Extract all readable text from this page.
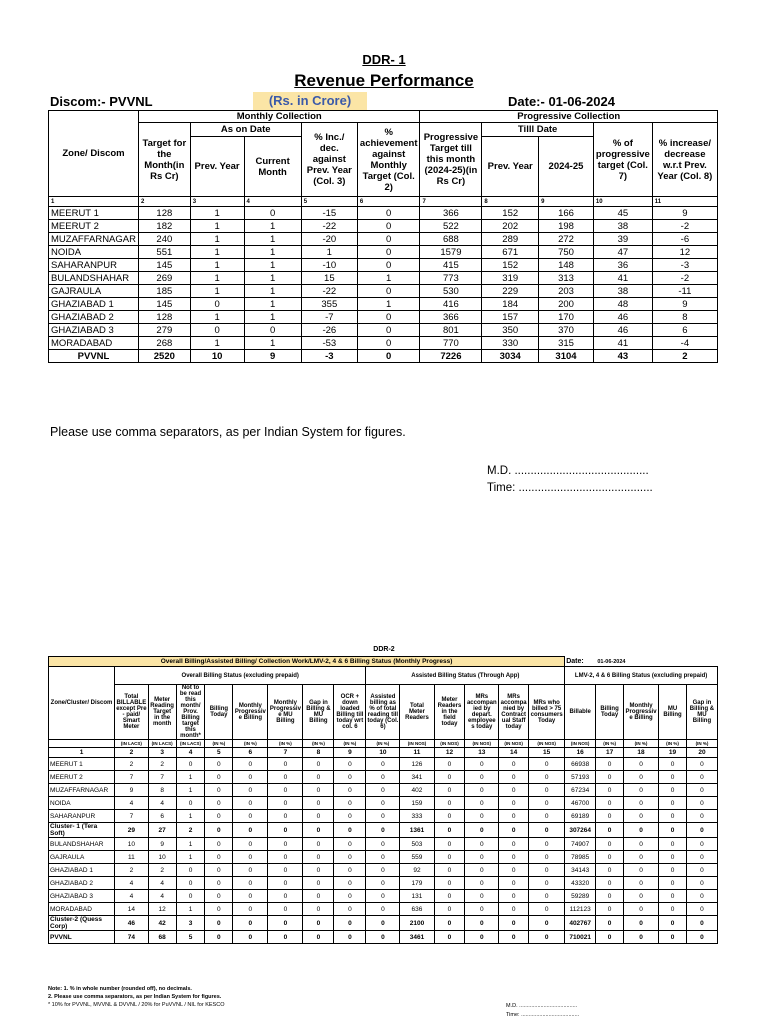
DDR- 1
Revenue Performance
Discom:- PVVNL	(Rs. in Crore)	Date:- 01-06-2024
Zone/ Discom	Monthly Collection					Progressive Collection				
	Target for the Month(in Rs Cr)	As on Date		% Inc./ dec. against Prev. Year (Col. 3)	% achievement against Monthly Target (Col. 2)	Progressive Target till this month (2024-25)(in Rs Cr)	Tilll Date		% of progressive target (Col. 7)	% increase/ decrease w.r.t Prev. Year (Col. 8)
		Prev. Year	Current Month				Prev. Year	2024-25		
1	2	3	4	5	6	7	8	9	10	11
MEERUT 1	128	1	0	-15	0	366	152	166	45	9
MEERUT 2	182	1	1	-22	0	522	202	198	38	-2
MUZAFFARNAGAR	240	1	1	-20	0	688	289	272	39	-6
NOIDA	551	1	1	1	0	1579	671	750	47	12
SAHARANPUR	145	1	1	-10	0	415	152	148	36	-3
BULANDSHAHAR	269	1	1	15	1	773	319	313	41	-2
GAJRAULA	185	1	1	-22	0	530	229	203	38	-11
GHAZIABAD 1	145	0	1	355	1	416	184	200	48	9
GHAZIABAD 2	128	1	1	-7	0	366	157	170	46	8
GHAZIABAD 3	279	0	0	-26	0	801	350	370	46	6
MORADABAD	268	1	1	-53	0	770	330	315	41	-4
PVVNL	2520	10	9	-3	0	7226	3034	3104	43	2
Please use comma separators, as per Indian System for figures.
M.D. ..........................................
Time: ..........................................
DDR-2
Overall Billing/Assisted Billing/ Collection Work/LMV-2, 4 & 6 Billing Status (Monthly Progress)															Date: 01-06-2024				
Zone/Cluster/ Discom	Overall Billing Status (excluding prepaid)								Assisted Billing Status (Through App)						LMV-2, 4 & 6 Billing Status (excluding prepaid)				
	Total BILLABLE except Pre - paid/ Smart Meter	Meter Reading Target in the month	Not to be read this month/ Prov. Billing target this month*	Billing Today	Monthly Progressiv e Billing	Monthly Progressiv e MU Billing	Gap in Billing & MU Billing	OCR + down loaded Billing till today wrt col. 6	Assisted billing as % of total reading till today (Col. 6)	Total Meter Readers	Meter Readers in the field today	MRs accompan ied by depart. employee s today	MRs accompa nied by Contract ual Staff today	MRs who billed > 75 consumers Today	Billable	Billing Today	Monthly Progressiv e Billing	MU Billing	Gap in Billing & MU Billing
	(IN LACS)	(IN LACS)	(IN LACS)	(IN %)	(IN %)	(IN %)	(IN %)	(IN %)	(IN %)	(IN NOS)	(IN NOS)	(IN NOS)	(IN NOS)	(IN NOS)	(IN NOS)	(IN %)	(IN %)	(IN %)	(IN %)
1	2	3	4	5	6	7	8	9	10	11	12	13	14	15	16	17	18	19	20
MEERUT 1	2	2	0	0	0	0	0	0	0	126	0	0	0	0	66938	0	0	0	0
MEERUT 2	7	7	1	0	0	0	0	0	0	341	0	0	0	0	57193	0	0	0	0
MUZAFFARNAGAR	9	8	1	0	0	0	0	0	0	402	0	0	0	0	67234	0	0	0	0
NOIDA	4	4	0	0	0	0	0	0	0	159	0	0	0	0	46700	0	0	0	0
SAHARANPUR	7	6	1	0	0	0	0	0	0	333	0	0	0	0	69189	0	0	0	0
Cluster- 1 (Tera Soft)	29	27	2	0	0	0	0	0	0	1361	0	0	0	0	307264	0	0	0	0
BULANDSHAHAR	10	9	1	0	0	0	0	0	0	503	0	0	0	0	74907	0	0	0	0
GAJRAULA	11	10	1	0	0	0	0	0	0	559	0	0	0	0	78985	0	0	0	0
GHAZIABAD 1	2	2	0	0	0	0	0	0	0	92	0	0	0	0	34143	0	0	0	0
GHAZIABAD 2	4	4	0	0	0	0	0	0	0	179	0	0	0	0	43320	0	0	0	0
GHAZIABAD 3	4	4	0	0	0	0	0	0	0	131	0	0	0	0	59289	0	0	0	0
MORADABAD	14	12	1	0	0	0	0	0	0	636	0	0	0	0	112123	0	0	0	0
Cluster-2 (Quess Corp)	46	42	3	0	0	0	0	0	0	2100	0	0	0	0	402767	0	0	0	0
PVVNL	74	68	5	0	0	0	0	0	0	3461	0	0	0	0	710021	0	0	0	0
Note: 1. % in whole number (rounded off), no decimals.
2. Please use comma separators, as per Indian System for figures.
* 10% for PVVNL, MVVNL & DVVNL / 20% for PuVVNL / NIL for KESCO	M.D. ......................................
Time: ......................................
